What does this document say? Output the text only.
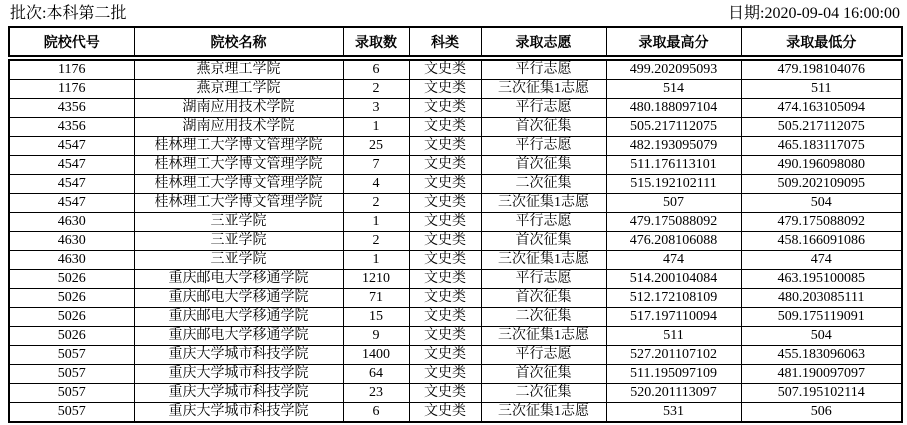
批次:本科第二批	日期:2020-09-04 16:00:00
院校代号	院校名称	录取数	科类	录取志愿	录取最高分	录取最低分
1176	燕京理工学院	6	文史类	平行志愿	499.202095093	479.198104076
1176	燕京理工学院	2	文史类	三次征集1志愿	514	511
4356	湖南应用技术学院	3	文史类	平行志愿	480.188097104	474.163105094
4356	湖南应用技术学院	1	文史类	首次征集	505.217112075	505.217112075
4547	桂林理工大学博文管理学院	25	文史类	平行志愿	482.193095079	465.183117075
4547	桂林理工大学博文管理学院	7	文史类	首次征集	511.176113101	490.196098080
4547	桂林理工大学博文管理学院	4	文史类	二次征集	515.192102111	509.202109095
4547	桂林理工大学博文管理学院	2	文史类	三次征集1志愿	507	504
4630	三亚学院	1	文史类	平行志愿	479.175088092	479.175088092
4630	三亚学院	2	文史类	首次征集	476.208106088	458.166091086
4630	三亚学院	1	文史类	三次征集1志愿	474	474
5026	重庆邮电大学移通学院	1210	文史类	平行志愿	514.200104084	463.195100085
5026	重庆邮电大学移通学院	71	文史类	首次征集	512.172108109	480.203085111
5026	重庆邮电大学移通学院	15	文史类	二次征集	517.197110094	509.175119091
5026	重庆邮电大学移通学院	9	文史类	三次征集1志愿	511	504
5057	重庆大学城市科技学院	1400	文史类	平行志愿	527.201107102	455.183096063
5057	重庆大学城市科技学院	64	文史类	首次征集	511.195097109	481.190097097
5057	重庆大学城市科技学院	23	文史类	二次征集	520.201113097	507.195102114
5057	重庆大学城市科技学院	6	文史类	三次征集1志愿	531	506
